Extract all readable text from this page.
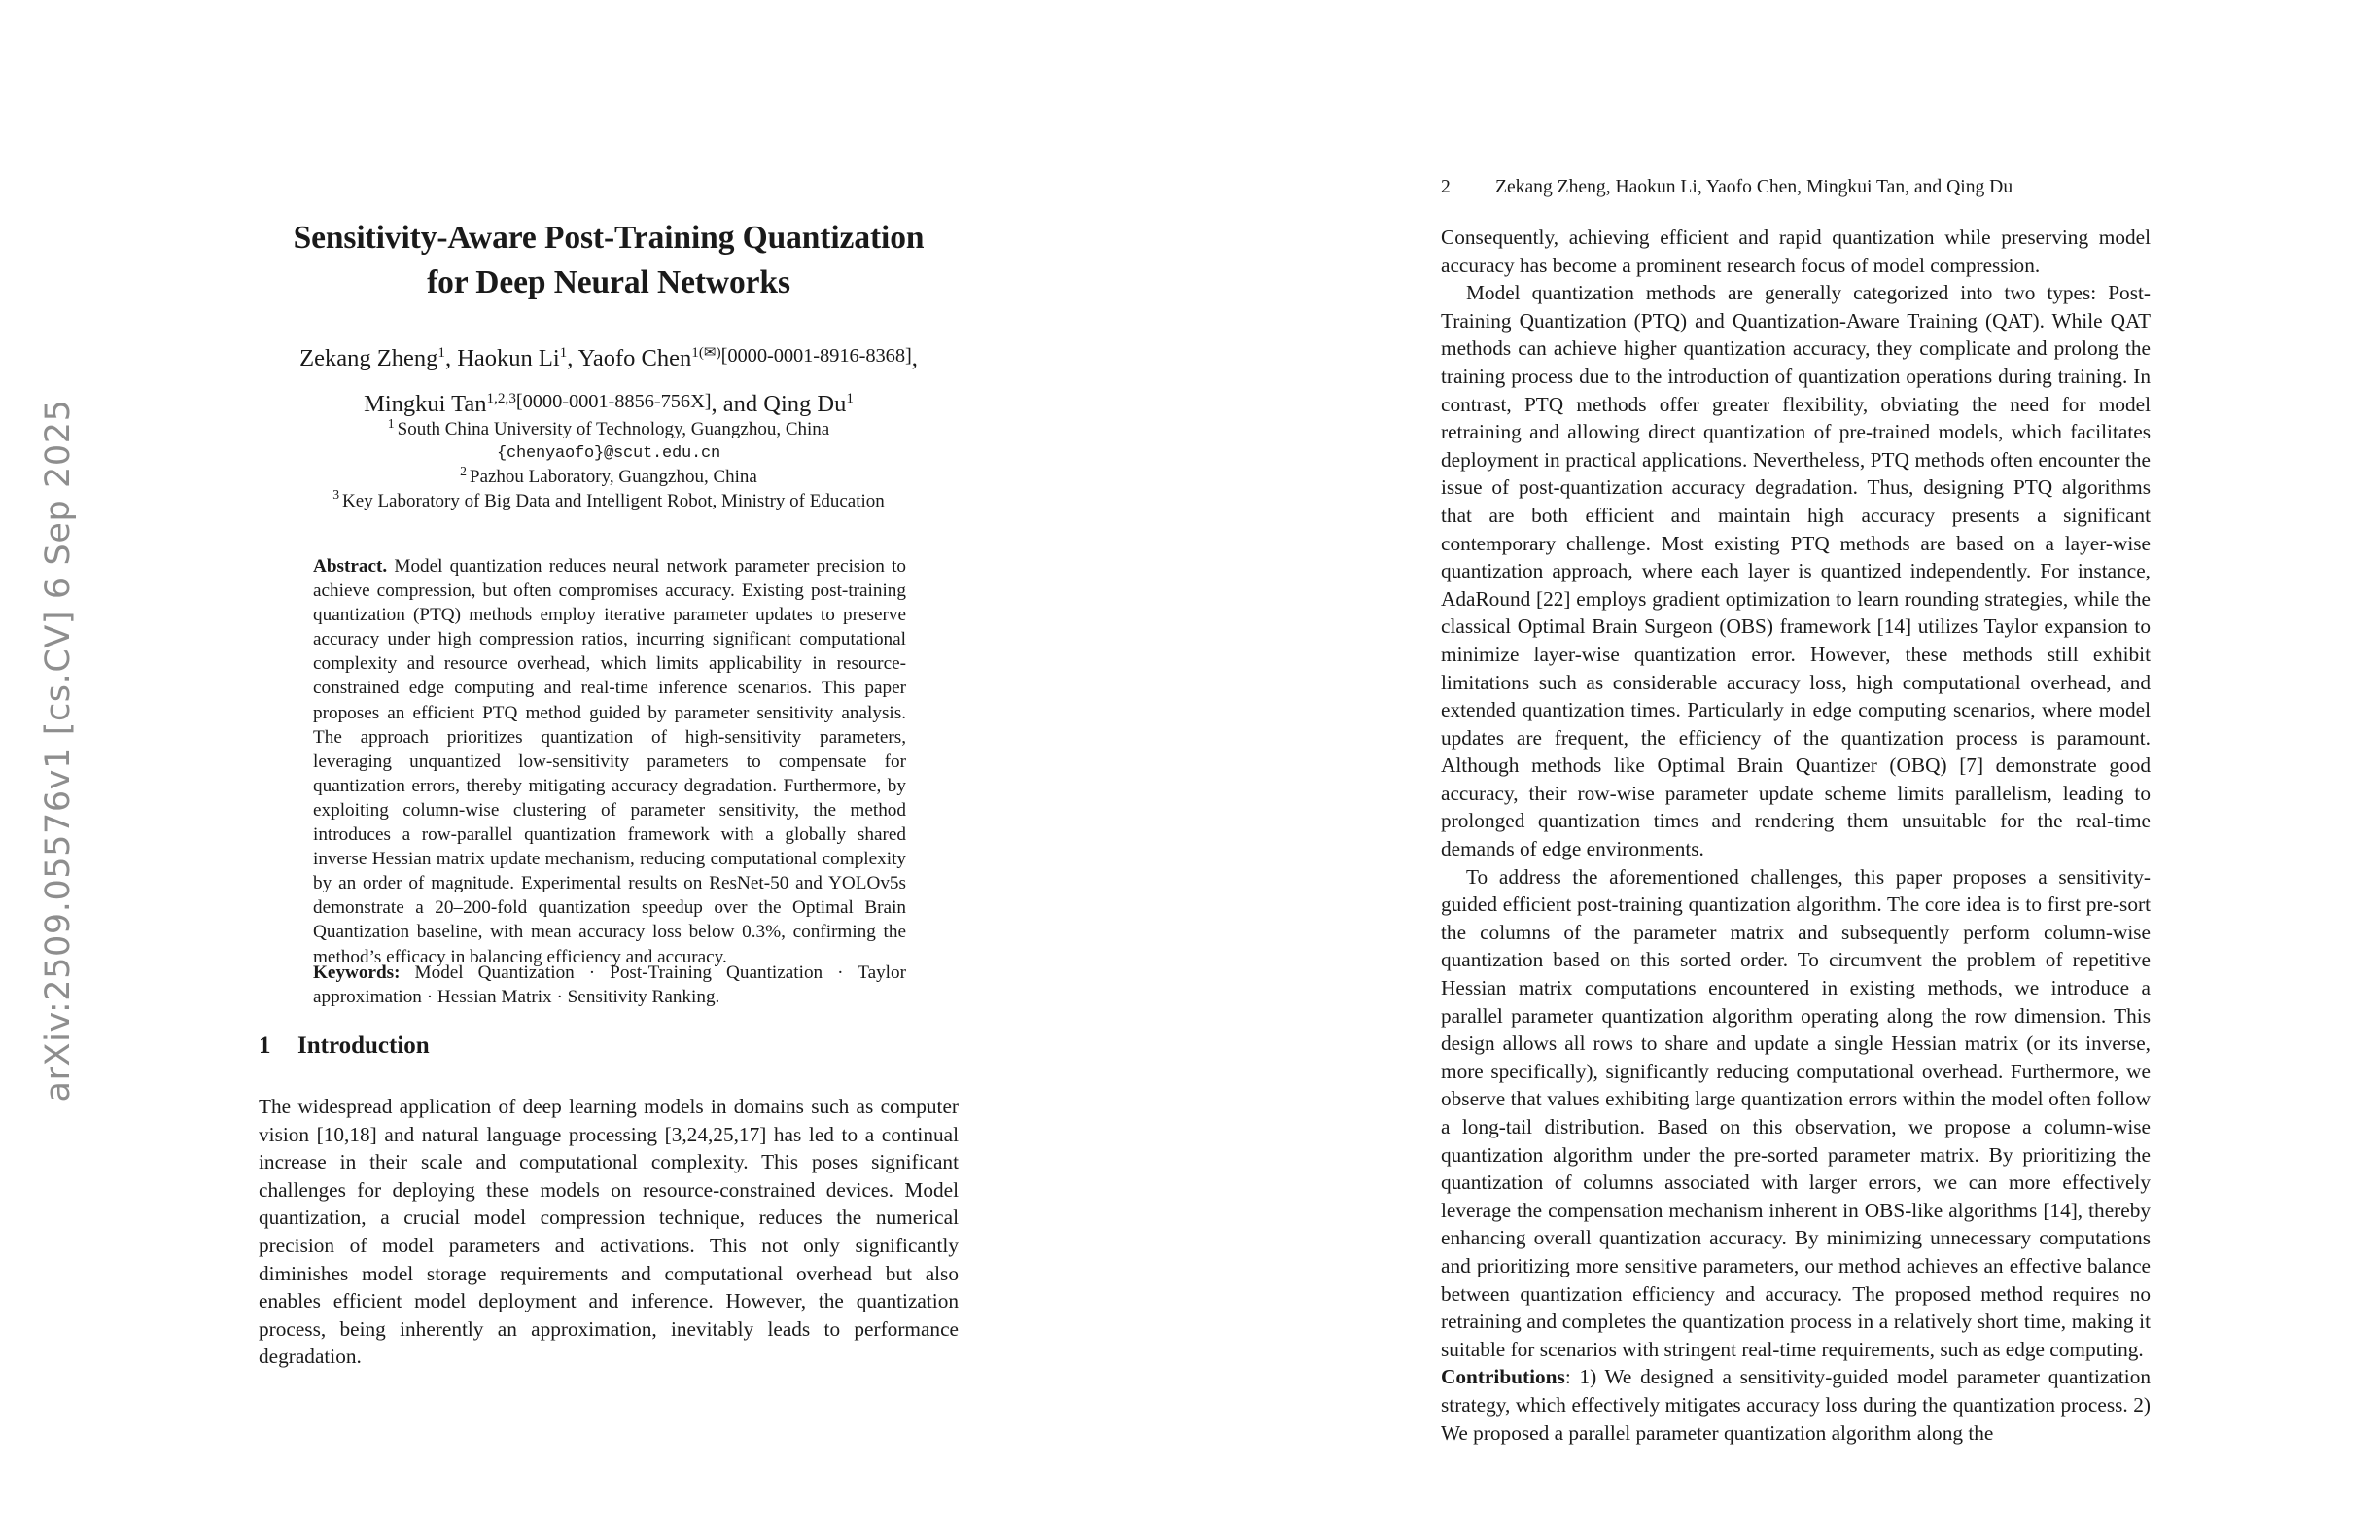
arXiv:2509.05576v1 [cs.CV] 6 Sep 2025
Sensitivity-Aware Post-Training Quantization
for Deep Neural Networks
Zekang Zheng$^1$, Haokun Li$^1$, Yaofo Chen$^{1(✉)}$[0000-0001-8916-8368], Mingkui Tan$^{1,2,3}$[0000-0001-8856-756X], and Qing Du$^1$
$^1$ South China University of Technology, Guangzhou, China
{chenyaofo}@scut.edu.cn
$^2$ Pazhou Laboratory, Guangzhou, China
$^3$ Key Laboratory of Big Data and Intelligent Robot, Ministry of Education
Abstract. Model quantization reduces neural network parameter precision to achieve compression, but often compromises accuracy. Existing post-training quantization (PTQ) methods employ iterative parameter updates to preserve accuracy under high compression ratios, incurring significant computational complexity and resource overhead, which limits applicability in resource-constrained edge computing and real-time inference scenarios. This paper proposes an efficient PTQ method guided by parameter sensitivity analysis. The approach prioritizes quantization of high-sensitivity parameters, leveraging unquantized low-sensitivity parameters to compensate for quantization errors, thereby mitigating accuracy degradation. Furthermore, by exploiting column-wise clustering of parameter sensitivity, the method introduces a row-parallel quantization framework with a globally shared inverse Hessian matrix update mechanism, reducing computational complexity by an order of magnitude. Experimental results on ResNet-50 and YOLOv5s demonstrate a 20–200-fold quantization speedup over the Optimal Brain Quantization baseline, with mean accuracy loss below 0.3%, confirming the method’s efficacy in balancing efficiency and accuracy.
Keywords: Model Quantization · Post-Training Quantization · Taylor approximation · Hessian Matrix · Sensitivity Ranking.
1 Introduction

The widespread application of deep learning models in domains such as computer vision [10,18] and natural language processing [3,24,25,17] has led to a continual increase in their scale and computational complexity. This poses significant challenges for deploying these models on resource-constrained devices. Model quantization, a crucial model compression technique, reduces the numerical precision of model parameters and activations. This not only significantly diminishes model storage requirements and computational overhead but also enables efficient model deployment and inference. However, the quantization process, being inherently an approximation, inevitably leads to performance degradation.

2	Zekang Zheng, Haokun Li, Yaofo Chen, Mingkui Tan, and Qing Du

Consequently, achieving efficient and rapid quantization while preserving model accuracy has become a prominent research focus of model compression.

Model quantization methods are generally categorized into two types: Post-Training Quantization (PTQ) and Quantization-Aware Training (QAT). While QAT methods can achieve higher quantization accuracy, they complicate and prolong the training process due to the introduction of quantization operations during training. In contrast, PTQ methods offer greater flexibility, obviating the need for model retraining and allowing direct quantization of pre-trained models, which facilitates deployment in practical applications. Nevertheless, PTQ methods often encounter the issue of post-quantization accuracy degradation. Thus, designing PTQ algorithms that are both efficient and maintain high accuracy presents a significant contemporary challenge. Most existing PTQ methods are based on a layer-wise quantization approach, where each layer is quantized independently. For instance, AdaRound [22] employs gradient optimization to learn rounding strategies, while the classical Optimal Brain Surgeon (OBS) framework [14] utilizes Taylor expansion to minimize layer-wise quantization error. However, these methods still exhibit limitations such as considerable accuracy loss, high computational overhead, and extended quantization times. Particularly in edge computing scenarios, where model updates are frequent, the efficiency of the quantization process is paramount. Although methods like Optimal Brain Quantizer (OBQ) [7] demonstrate good accuracy, their row-wise parameter update scheme limits parallelism, leading to prolonged quantization times and rendering them unsuitable for the real-time demands of edge environments.

To address the aforementioned challenges, this paper proposes a sensitivity-guided efficient post-training quantization algorithm. The core idea is to first pre-sort the columns of the parameter matrix and subsequently perform column-wise quantization based on this sorted order. To circumvent the problem of repetitive Hessian matrix computations encountered in existing methods, we introduce a parallel parameter quantization algorithm operating along the row dimension. This design allows all rows to share and update a single Hessian matrix (or its inverse, more specifically), significantly reducing computational overhead. Furthermore, we observe that values exhibiting large quantization errors within the model often follow a long-tail distribution. Based on this observation, we propose a column-wise quantization algorithm under the pre-sorted parameter matrix. By prioritizing the quantization of columns associated with larger errors, we can more effectively leverage the compensation mechanism inherent in OBS-like algorithms [14], thereby enhancing overall quantization accuracy. By minimizing unnecessary computations and prioritizing more sensitive parameters, our method achieves an effective balance between quantization efficiency and accuracy. The proposed method requires no retraining and completes the quantization process in a relatively short time, making it suitable for scenarios with stringent real-time requirements, such as edge computing.

Contributions: 1) We designed a sensitivity-guided model parameter quantization strategy, which effectively mitigates accuracy loss during the quantization process. 2) We proposed a parallel parameter quantization algorithm along the
